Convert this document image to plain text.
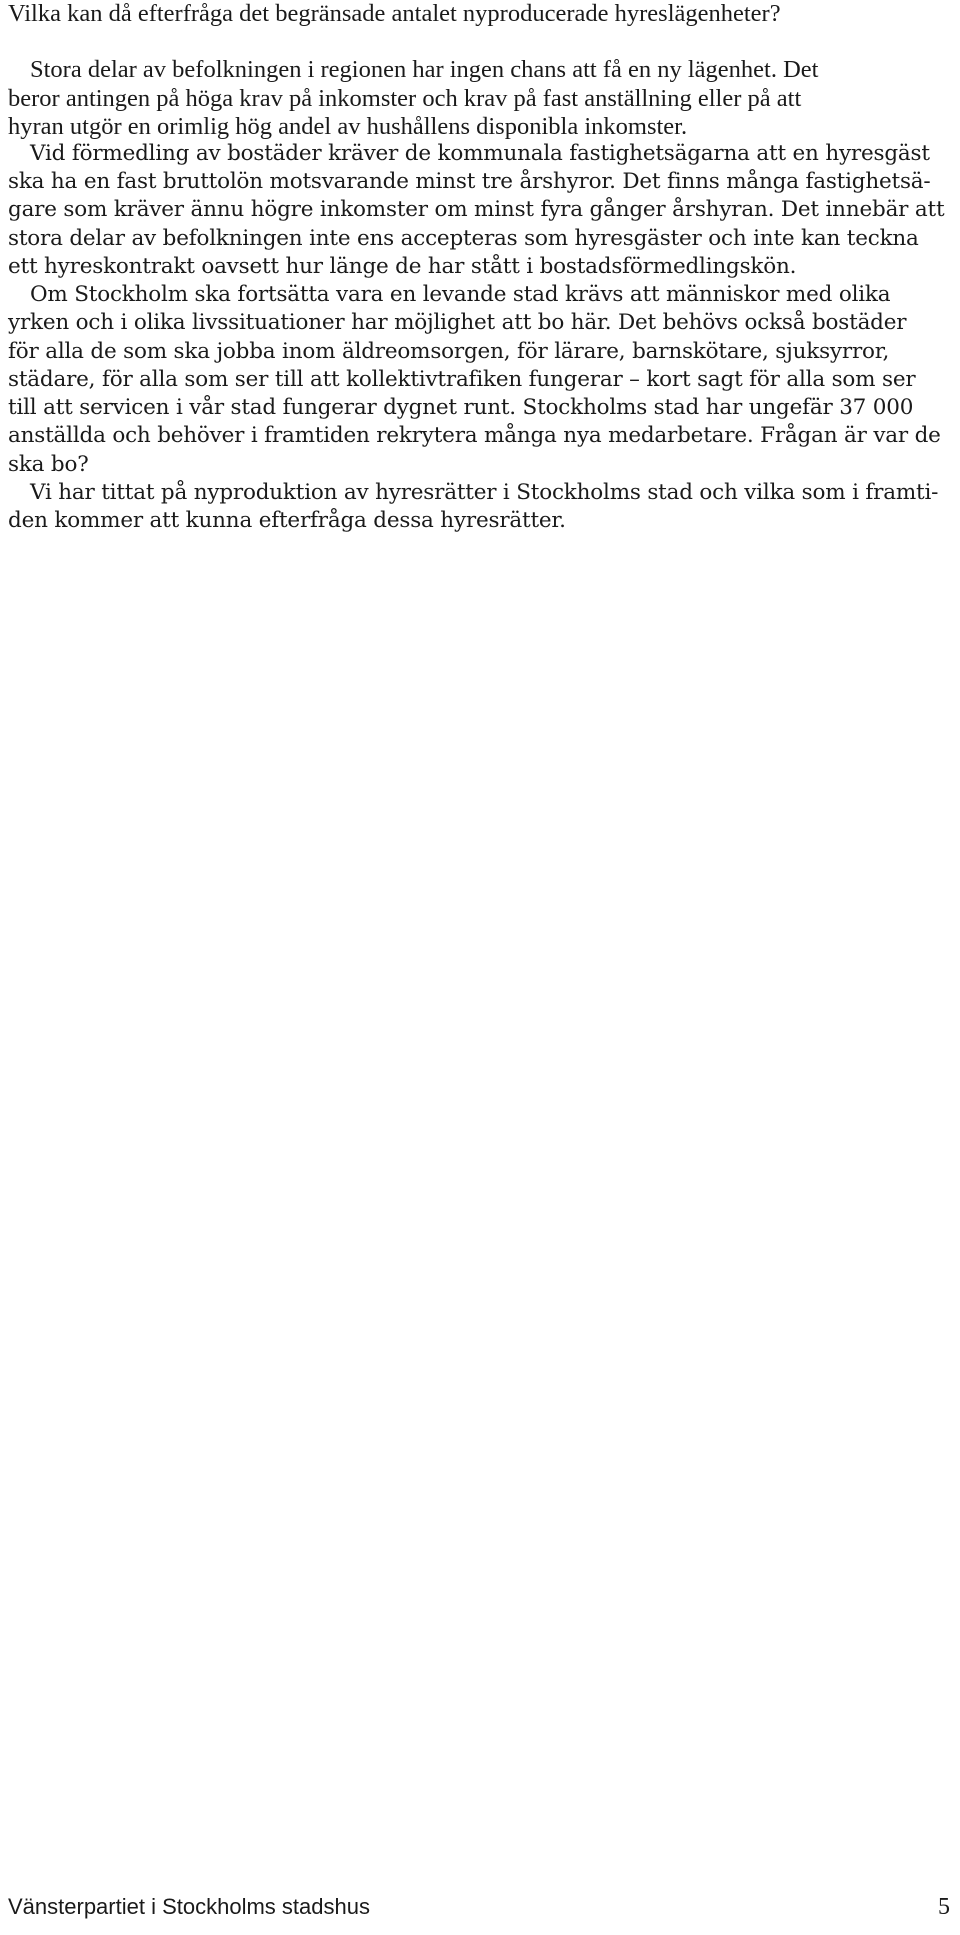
Vilka kan då efterfråga det begränsade antalet nyproducerade hyreslägenheter?
Stora delar av befolkningen i regionen har ingen chans att få en ny lägenhet. Det
beror antingen på höga krav på inkomster och krav på fast anställning eller på att
hyran utgör en orimlig hög andel av hushållens disponibla inkomster.
Vid förmedling av bostäder kräver de kommunala fastighetsägarna att en hyresgäst
ska ha en fast bruttolön motsvarande minst tre årshyror. Det finns många fastighetsä-
gare som kräver ännu högre inkomster om minst fyra gånger årshyran. Det innebär att
stora delar av befolkningen inte ens accepteras som hyresgäster och inte kan teckna
ett hyreskontrakt oavsett hur länge de har stått i bostadsförmedlingskön.
Om Stockholm ska fortsätta vara en levande stad krävs att människor med olika
yrken och i olika livssituationer har möjlighet att bo här. Det behövs också bostäder
för alla de som ska jobba inom äldreomsorgen, för lärare, barnskötare, sjuksyrror,
städare, för alla som ser till att kollektivtrafiken fungerar – kort sagt för alla som ser
till att servicen i vår stad fungerar dygnet runt. Stockholms stad har ungefär 37 000
anställda och behöver i framtiden rekrytera många nya medarbetare. Frågan är var de
ska bo?
Vi har tittat på nyproduktion av hyresrätter i Stockholms stad och vilka som i framti-
den kommer att kunna efterfråga dessa hyresrätter.
Vänsterpartiet i Stockholms stadshus	5
